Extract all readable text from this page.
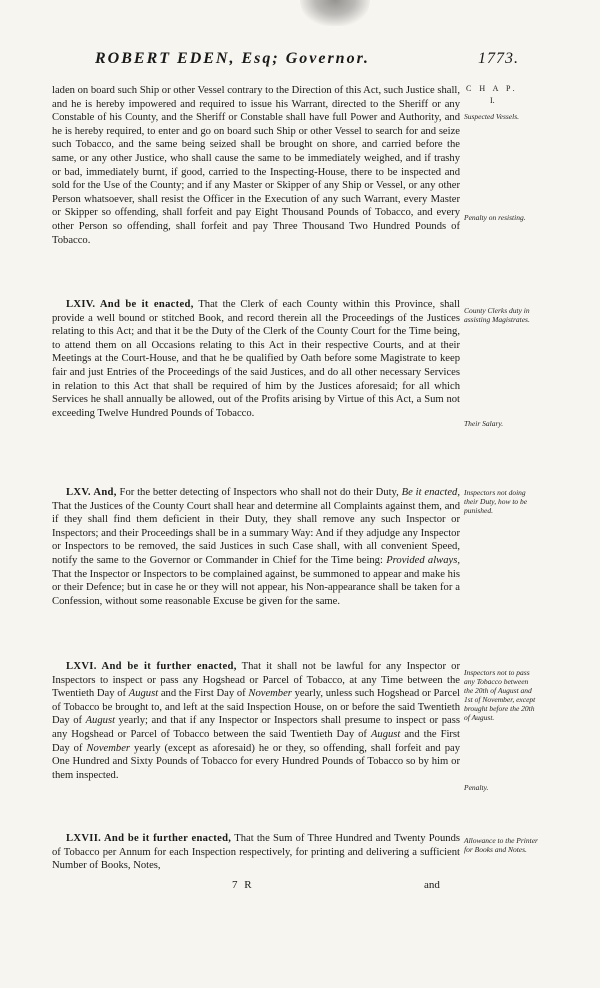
ROBERT EDEN, Esq; Governor.	1773.
C H A P.
I.

laden on board such Ship or other Vessel contrary to the Direction of this Act, such Justice shall, and he is hereby impowered and required to issue his Warrant, directed to the Sheriff or any Constable of his County, and the Sheriff or Constable shall have full Power and Authority, and he is hereby required, to enter and go on board such Ship or other Vessel to search for and seize such Tobacco, and the same being seized shall be brought on shore, and carried before the same, or any other Justice, who shall cause the same to be immediately weighed, and if trashy or bad, immediately burnt, if good, carried to the Inspecting-House, there to be inspected and sold for the Use of the County; and if any Master or Skipper of any Ship or Vessel, or any other Person whatsoever, shall resist the Officer in the Execution of any such Warrant, every Master or Skipper so offending, shall forfeit and pay Eight Thousand Pounds of Tobacco, and every other Person so offending, shall forfeit and pay Three Thousand Two Hundred Pounds of Tobacco.

LXIV. And be it enacted, That the Clerk of each County within this Province, shall provide a well bound or stitched Book, and record therein all the Proceedings of the Justices relating to this Act; and that it be the Duty of the Clerk of the County Court for the Time being, to attend them on all Occasions relating to this Act in their respective Courts, and at their Meetings at the Court-House, and that he be qualified by Oath before some Magistrate to keep fair and just Entries of the Proceedings of the said Justices, and do all other necessary Services in relation to this Act that shall be required of him by the Justices aforesaid; for all which Services he shall annually be allowed, out of the Profits arising by Virtue of this Act, a Sum not exceeding Twelve Hundred Pounds of Tobacco.

LXV. And, For the better detecting of Inspectors who shall not do their Duty, Be it enacted, That the Justices of the County Court shall hear and determine all Complaints against them, and if they shall find them deficient in their Duty, they shall remove any such Inspector or Inspectors; and their Proceedings shall be in a summary Way: And if they adjudge any Inspector or Inspectors to be removed, the said Justices in such Case shall, with all convenient Speed, notify the same to the Governor or Commander in Chief for the Time being: Provided always, That the Inspector or Inspectors to be complained against, be summoned to appear and make his or their Defence; but in case he or they will not appear, his Non-appearance shall be taken for a Confession, without some reasonable Excuse be given for the same.

LXVI. And be it further enacted, That it shall not be lawful for any Inspector or Inspectors to inspect or pass any Hogshead or Parcel of Tobacco, at any Time between the Twentieth Day of August and the First Day of November yearly, unless such Hogshead or Parcel of Tobacco be brought to, and left at the said Inspection House, on or before the said Twentieth Day of August yearly; and that if any Inspector or Inspectors shall presume to inspect or pass any Hogshead or Parcel of Tobacco between the said Twentieth Day of August and the First Day of November yearly (except as aforesaid) he or they, so offending, shall forfeit and pay One Hundred and Sixty Pounds of Tobacco for every Hundred Pounds of Tobacco so by him or them inspected.

LXVII. And be it further enacted, That the Sum of Three Hundred and Twenty Pounds of Tobacco per Annum for each Inspection respectively, for printing and delivering a sufficient Number of Books, Notes,

Suspected Vessels.
Penalty on resisting.
County Clerks duty in assisting Magistrates.
Their Salary.
Inspectors not doing their Duty, how to be punished.
Inspectors not to pass any Tobacco between the 20th of August and 1st of November, except brought before the 20th of August.
Penalty.
Allowance to the Printer for Books and Notes.
7 R	and
